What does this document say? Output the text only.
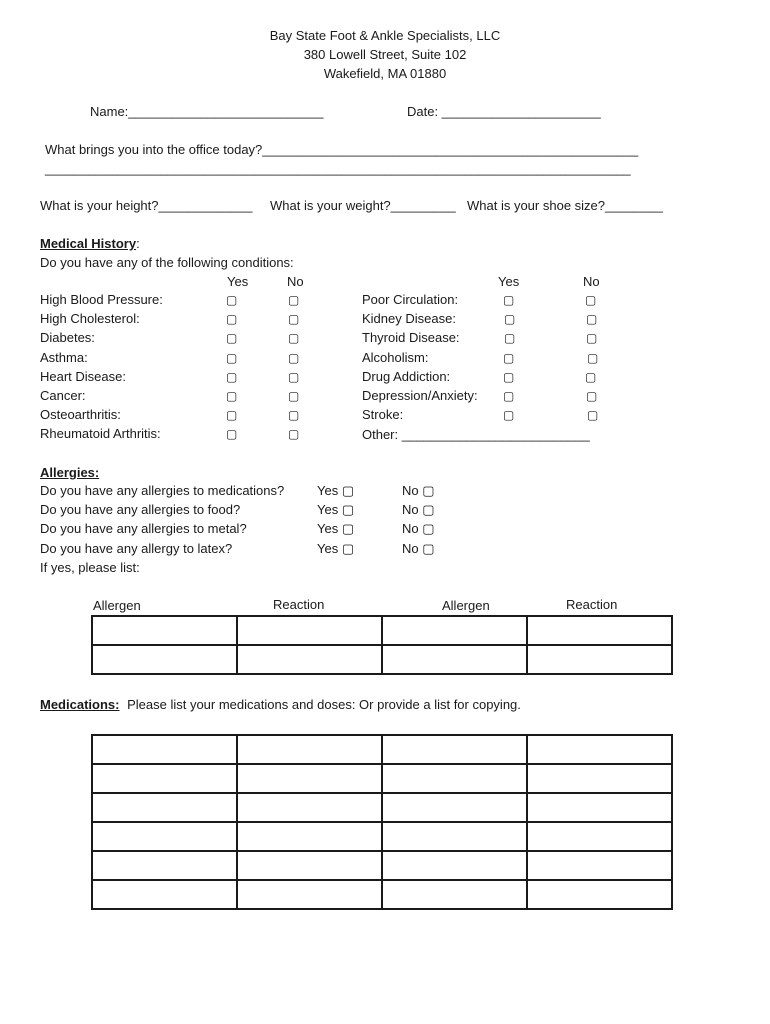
Bay State Foot & Ankle Specialists, LLC
380 Lowell Street, Suite 102
Wakefield, MA 01880
Name:___________________________	Date: ______________________
What brings you into the office today?____________________________________________________
_________________________________________________________________________________
What is your height?_____________ What is your weight?_________ What is your shoe size?________
Medical History:
Do you have any of the following conditions:
Yes	No	Yes	No
High Blood Pressure:	▢	▢
High Cholesterol:	▢	▢
Diabetes:	▢	▢
Asthma:	▢	▢
Heart Disease:	▢	▢
Cancer:	▢	▢
Osteoarthritis:	▢	▢
Rheumatoid Arthritis:	▢	▢
Poor Circulation:	▢	▢
Kidney Disease:	▢	▢
Thyroid Disease:	▢	▢
Alcoholism:	▢	▢
Drug Addiction:	▢	▢
Depression/Anxiety: ▢	▢
Stroke:	▢	▢
Other: __________________________
Allergies:
Do you have any allergies to medications?	Yes ▢	No ▢
Do you have any allergies to food?	Yes ▢	No ▢
Do you have any allergies to metal?	Yes ▢	No ▢
Do you have any allergy to latex?	Yes ▢	No ▢
If yes, please list:
Allergen	Reaction	Allergen	Reaction

Medications: Please list your medications and doses: Or provide a list for copying.
